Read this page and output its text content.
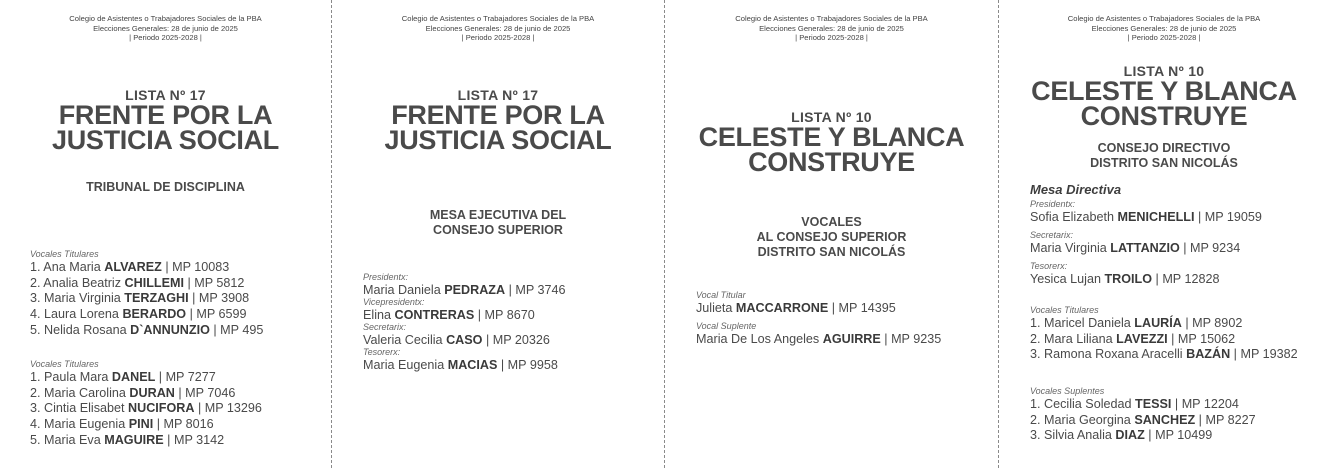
Colegio de Asistentes o Trabajadores Sociales de la PBA
Elecciones Generales: 28 de junio de 2025
| Periodo 2025-2028 |
LISTA Nº 17
FRENTE POR LA
JUSTICIA SOCIAL
TRIBUNAL DE DISCIPLINA
Vocales Titulares
1. Ana Maria ALVAREZ | MP 10083
2. Analia Beatriz CHILLEMI | MP 5812
3. Maria Virginia TERZAGHI | MP 3908
4. Laura Lorena BERARDO | MP 6599
5. Nelida Rosana D`ANNUNZIO | MP 495
Vocales Titulares
1. Paula Mara DANEL | MP 7277
2. Maria Carolina DURAN | MP 7046
3. Cintia Elisabet NUCIFORA | MP 13296
4. Maria Eugenia PINI | MP 8016
5. Maria Eva MAGUIRE | MP 3142
Colegio de Asistentes o Trabajadores Sociales de la PBA
Elecciones Generales: 28 de junio de 2025
| Periodo 2025-2028 |
LISTA Nº 17
FRENTE POR LA
JUSTICIA SOCIAL
MESA EJECUTIVA DEL
CONSEJO SUPERIOR
Presidentx:
Maria Daniela PEDRAZA | MP 3746
Vicepresidentx:
Elina CONTRERAS | MP 8670
Secretarix:
Valeria Cecilia CASO | MP 20326
Tesorerx:
Maria Eugenia MACIAS | MP 9958
Colegio de Asistentes o Trabajadores Sociales de la PBA
Elecciones Generales: 28 de junio de 2025
| Periodo 2025-2028 |
LISTA Nº 10
CELESTE Y BLANCA
CONSTRUYE
VOCALES
AL CONSEJO SUPERIOR
DISTRITO SAN NICOLÁS
Vocal Titular
Julieta MACCARRONE | MP 14395
Vocal Suplente
Maria De Los Angeles AGUIRRE | MP 9235
Colegio de Asistentes o Trabajadores Sociales de la PBA
Elecciones Generales: 28 de junio de 2025
| Periodo 2025-2028 |
LISTA Nº 10
CELESTE Y BLANCA
CONSTRUYE
CONSEJO DIRECTIVO
DISTRITO SAN NICOLÁS
Mesa Directiva
Presidentx:
Sofia Elizabeth MENICHELLI | MP 19059
Secretarix:
Maria Virginia LATTANZIO | MP 9234
Tesorerx:
Yesica Lujan TROILO | MP 12828
Vocales Titulares
1. Maricel Daniela LAURÍA | MP 8902
2. Mara Liliana LAVEZZI | MP 15062
3. Ramona Roxana Aracelli BAZÁN | MP 19382
Vocales Suplentes
1. Cecilia Soledad TESSI | MP 12204
2. Maria Georgina SANCHEZ | MP 8227
3. Silvia Analia DIAZ | MP 10499
